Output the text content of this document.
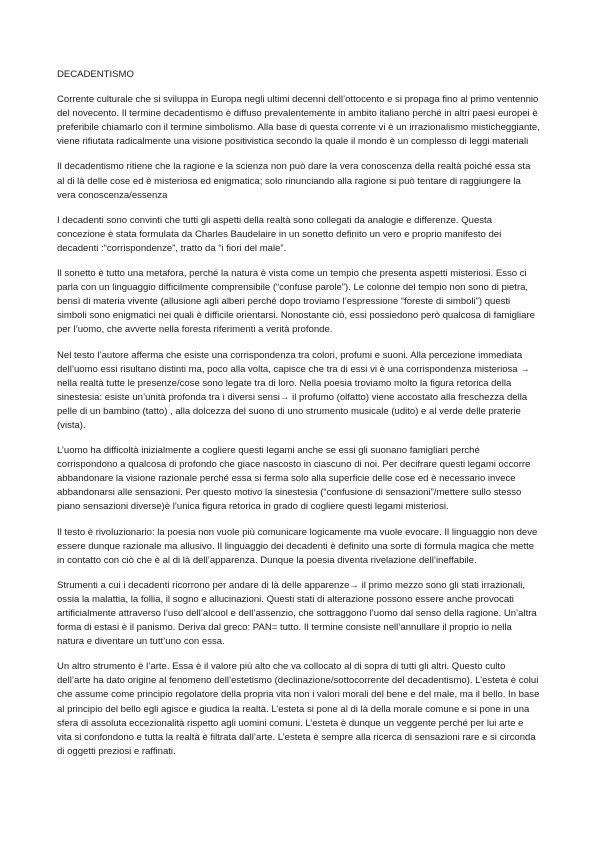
DECADENTISMO

Corrente culturale che si sviluppa in Europa negli ultimi decenni dell’ottocento e si propaga fino al primo ventennio del novecento. Il termine decadentismo è diffuso prevalentemente in ambito italiano perché in altri paesi europei è preferibile chiamarlo con il termine simbolismo. Alla base di questa corrente vi è un irrazionalismo misticheggiante, viene rifiutata radicalmente una visione positivistica secondo la quale il mondo è un complesso di leggi materiali

Il decadentismo ritiene che la ragione e la scienza non può dare la vera conoscenza della realtà poiché essa sta al di là delle cose ed è misteriosa ed enigmatica; solo rinunciando alla ragione si può tentare di raggiungere la vera conoscenza/essenza

I decadenti sono convinti che tutti gli aspetti della realtà sono collegati da analogie e differenze. Questa concezione è stata formulata da Charles Baudelaire in un sonetto definito un vero e proprio manifesto dei decadenti :“corrispondenze”, tratto da “i fiori del male”.

Il sonetto è tutto una metafora, perché la natura è vista come un tempio che presenta aspetti misteriosi. Esso ci parla con un linguaggio difficilmente comprensibile (“confuse parole”). Le colonne del tempio non sono di pietra, bensì di materia vivente (allusione agli alberi perché dopo troviamo l’espressione “foreste di simboli”) questi simboli sono enigmatici nei quali è difficile orientarsi. Nonostante ciò, essi possiedono però qualcosa di famigliare per l’uomo, che avverte nella foresta riferimenti a verità profonde.

Nel testo l’autore afferma che esiste una corrispondenza tra colori, profumi e suoni. Alla percezione immediata dell’uomo essi risultano distinti ma, poco alla volta, capisce che tra di essi vi è una corrispondenza misteriosa → nella realtà tutte le presenze/cose sono legate tra di loro. Nella poesia troviamo molto la figura retorica della sinestesia: esiste un’unità profonda tra i diversi sensi→ il profumo (olfatto) viene accostato alla freschezza della pelle di un bambino (tatto) , alla dolcezza del suono di uno strumento musicale (udito) e al verde delle praterie (vista).

L’uomo ha difficoltà inizialmente a cogliere questi legami anche se essi gli suonano famigliari perché corrispondono a qualcosa di profondo che giace nascosto in ciascuno di noi. Per decifrare questi legami occorre abbandonare la visione razionale perché essa si ferma solo alla superficie delle cose ed è necessario invece abbandonarsi alle sensazioni. Per questo motivo la sinestesia (“confusione di sensazioni”/mettere sullo stesso piano sensazioni diverse)è l’unica figura retorica in grado di cogliere questi legami misteriosi.

Il testo è rivoluzionario: la poesia non vuole più comunicare logicamente ma vuole evocare. Il linguaggio non deve essere dunque razionale ma allusivo. Il linguaggio dei decadenti è definito una sorte di formula magica che mette in contatto con ciò che è al di là dell’apparenza. Dunque la poesia diventa rivelazione dell’ineffabile.

Strumenti a cui i decadenti ricorrono per andare di là delle apparenze→ il primo mezzo sono gli stati irrazionali, ossia la malattia, la follia, il sogno e allucinazioni. Questi stati di alterazione possono essere anche provocati artificialmente attraverso l’uso dell’alcool e dell’assenzio, che sottraggono l’uomo dal senso della ragione. Un’altra forma di estasi è il panismo. Deriva dal greco: PAN= tutto. Il termine consiste nell’annullare il proprio io nella natura e diventare un tutt’uno con essa.

Un altro strumento è l’arte. Essa è il valore più alto che va collocato al di sopra di tutti gli altri. Questo culto dell’arte ha dato origine al fenomeno dell’estetismo (declinazione/sottocorrente del decadentismo). L’esteta è colui che assume come principio regolatore della propria vita non i valori morali del bene e del male, ma il bello. In base al principio del bello egli agisce e giudica la realtà. L’esteta si pone al di là della morale comune e si pone in una sfera di assoluta eccezionalità rispetto agli uomini comuni. L’esteta è dunque un veggente perché per lui arte e vita si confondono e tutta la realtà è filtrata dall’arte. L’esteta è sempre alla ricerca di sensazioni rare e si circonda di oggetti preziosi e raffinati.
